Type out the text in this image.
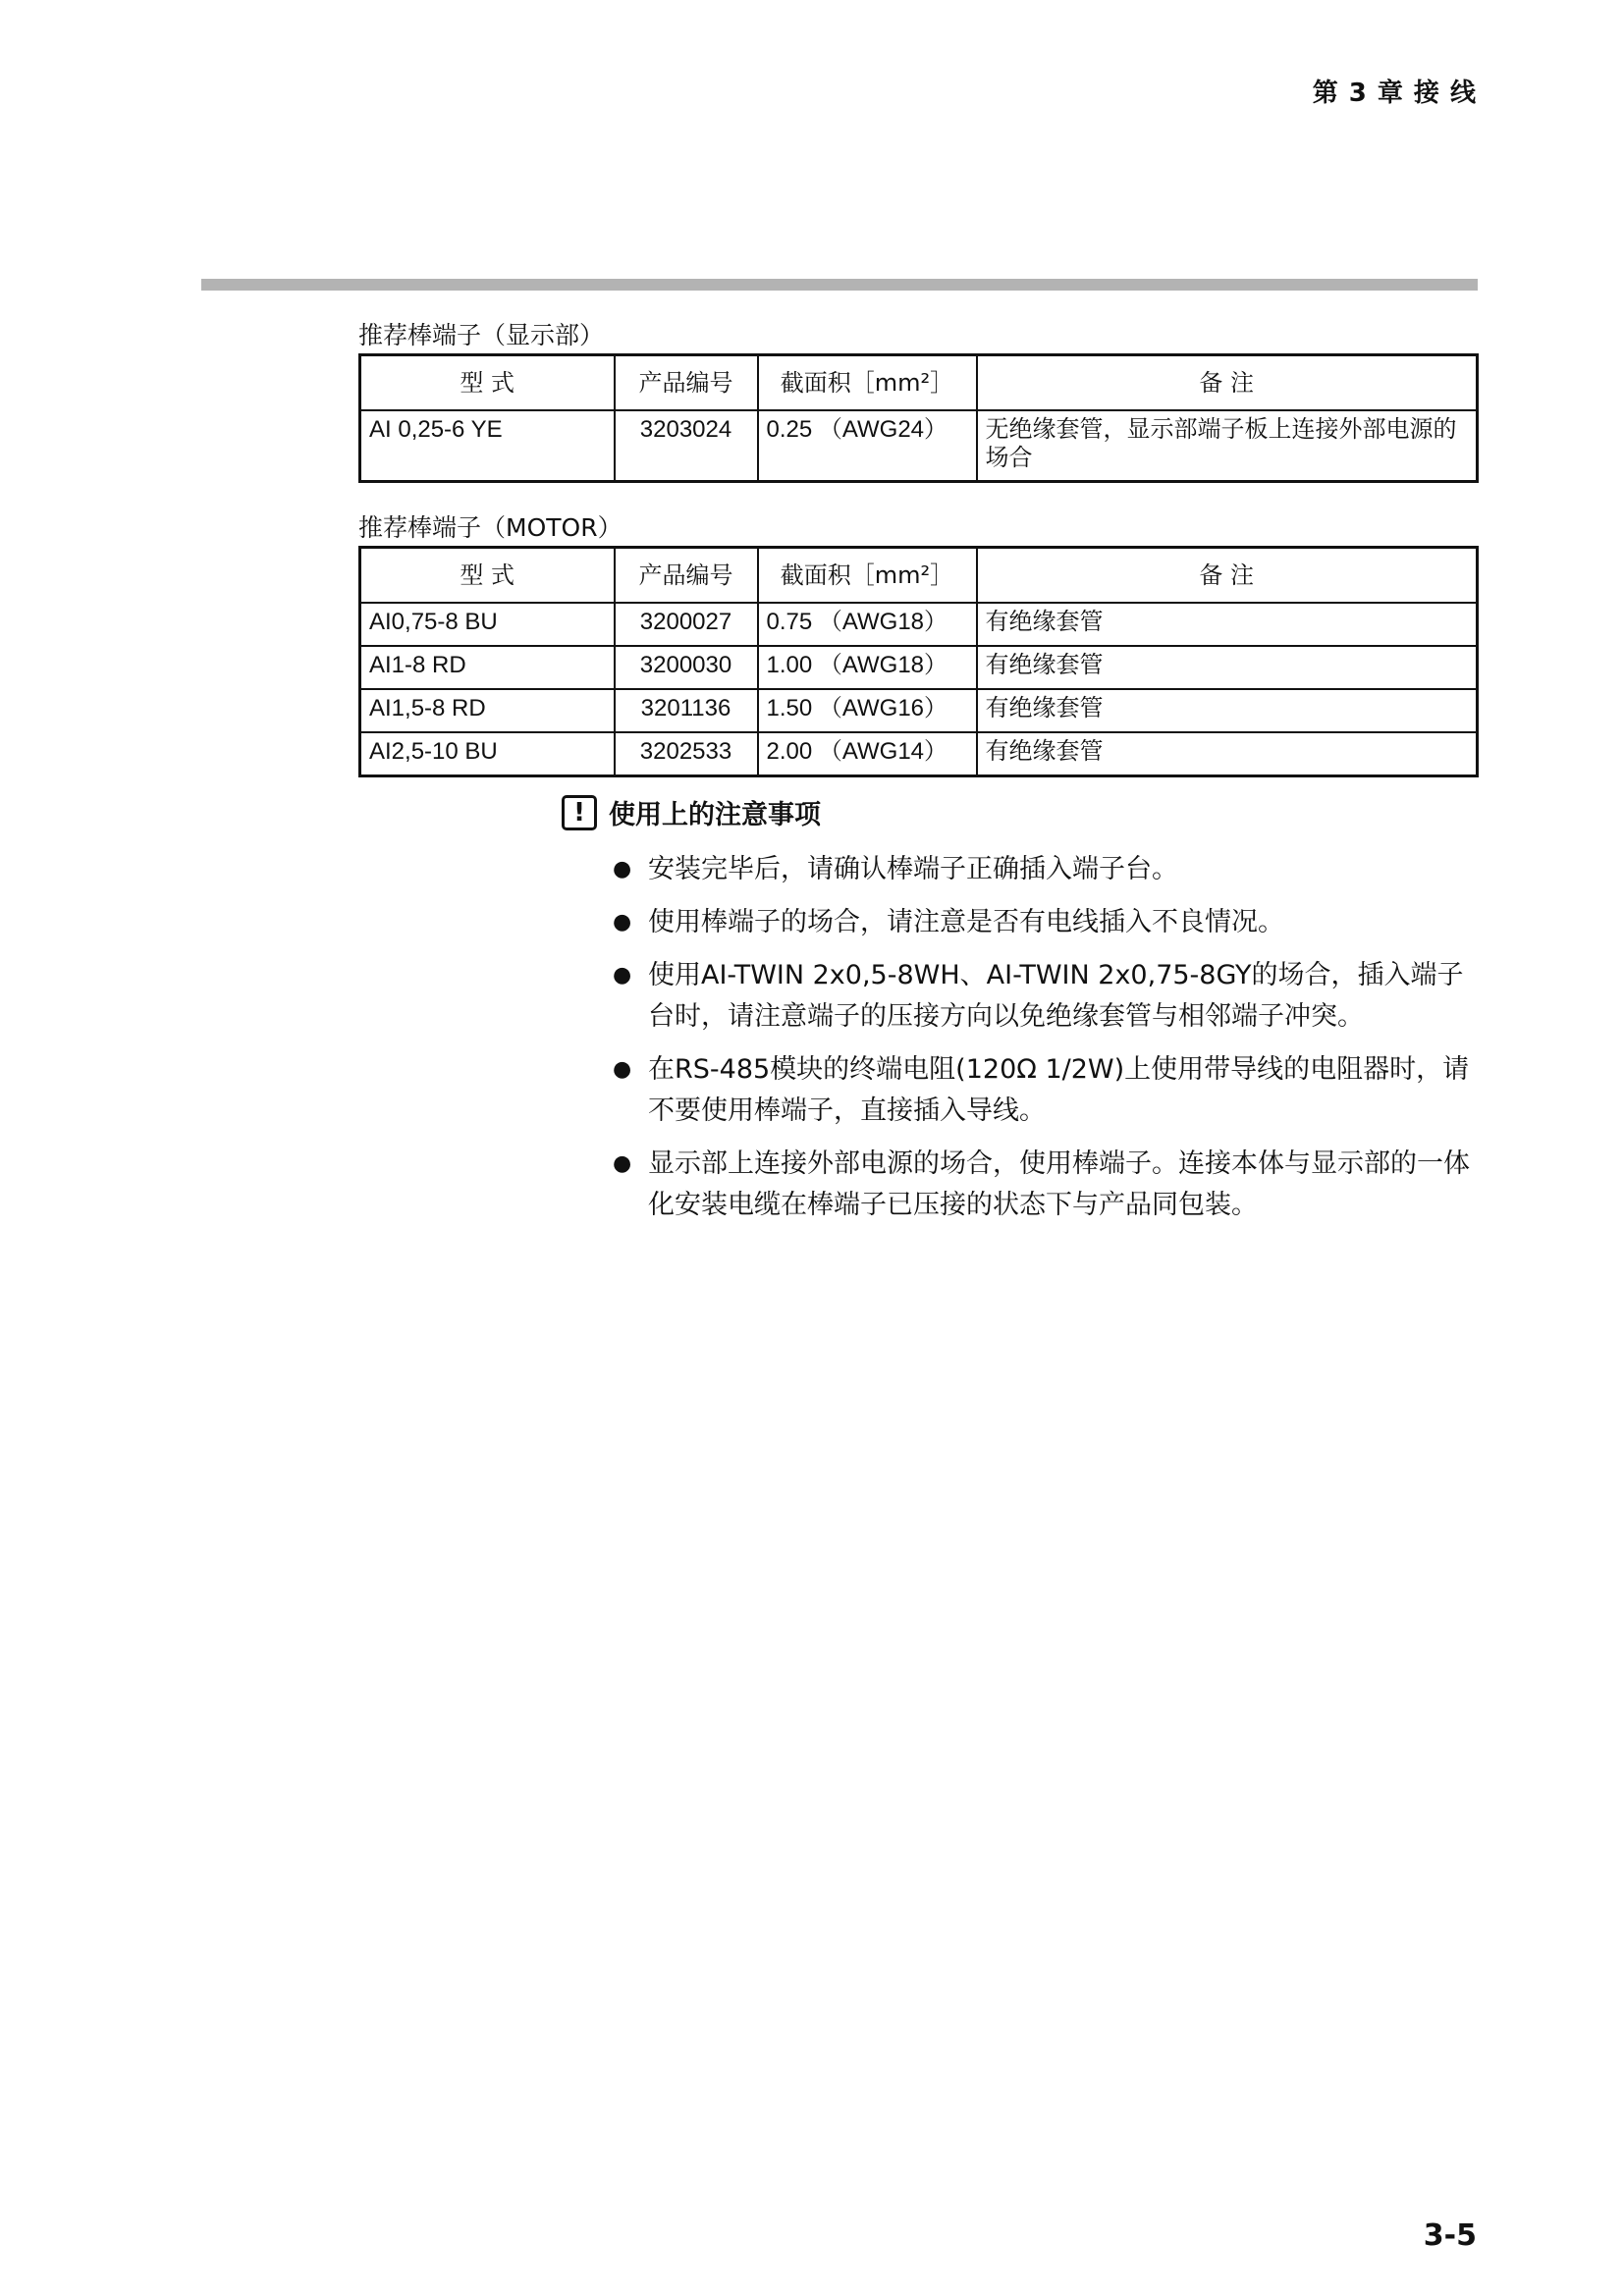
第 3 章 接 线
推荐棒端子（显示部）
型 式	产品编号	截面积［mm²］	备 注
AI 0,25-6 YE	3203024	0.25 （AWG24）	无绝缘套管，显示部端子板上连接外部电源的场合
推荐棒端子（MOTOR）
型 式	产品编号	截面积［mm²］	备 注
AI0,75-8 BU	3200027	0.75 （AWG18）	有绝缘套管
AI1-8 RD	3200030	1.00 （AWG18）	有绝缘套管
AI1,5-8 RD	3201136	1.50 （AWG16）	有绝缘套管
AI2,5-10 BU	3202533	2.00 （AWG14）	有绝缘套管
! 使用上的注意事项
● 安装完毕后，请确认棒端子正确插入端子台。
● 使用棒端子的场合，请注意是否有电线插入不良情况。
● 使用AI-TWIN 2x0,5-8WH、AI-TWIN 2x0,75-8GY的场合，插入端子台时，请注意端子的压接方向以免绝缘套管与相邻端子冲突。
● 在RS-485模块的终端电阻(120Ω 1/2W)上使用带导线的电阻器时，请不要使用棒端子，直接插入导线。
● 显示部上连接外部电源的场合，使用棒端子。连接本体与显示部的一体化安装电缆在棒端子已压接的状态下与产品同包装。
3-5
